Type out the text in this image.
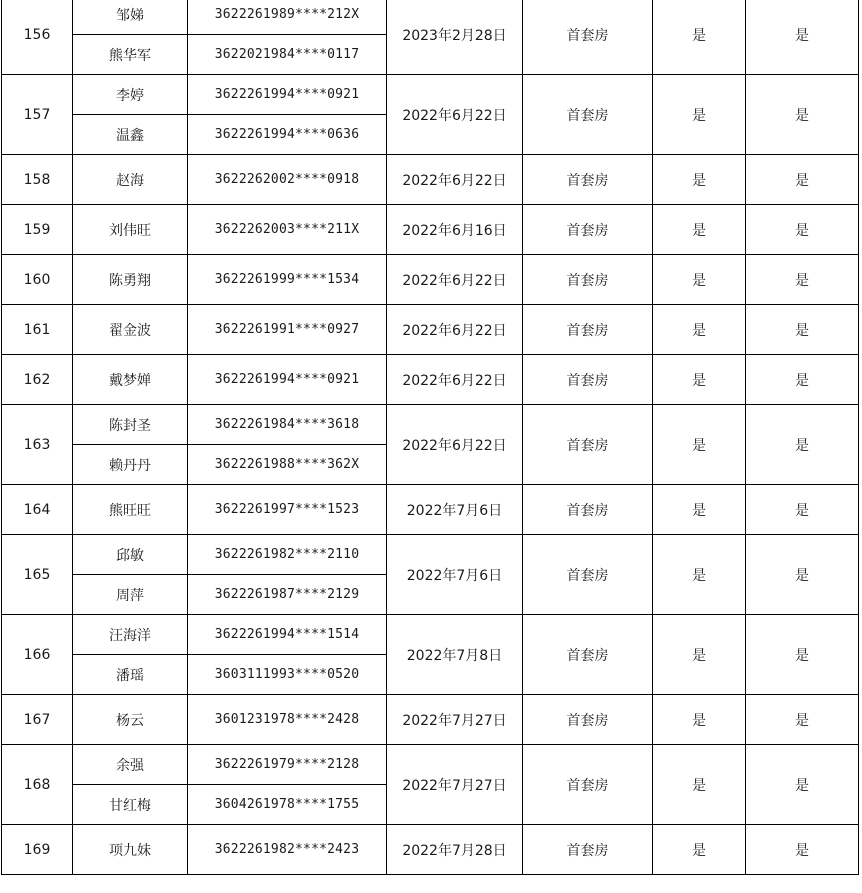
156	邹娣	3622261989****212X	2023年2月28日	首套房	是	是
	熊华军	3622021984****0117				
157	李婷	3622261994****0921	2022年6月22日	首套房	是	是
	温鑫	3622261994****0636				
158	赵海	3622262002****0918	2022年6月22日	首套房	是	是
159	刘伟旺	3622262003****211X	2022年6月16日	首套房	是	是
160	陈勇翔	3622261999****1534	2022年6月22日	首套房	是	是
161	翟金波	3622261991****0927	2022年6月22日	首套房	是	是
162	戴梦婵	3622261994****0921	2022年6月22日	首套房	是	是
163	陈封圣	3622261984****3618	2022年6月22日	首套房	是	是
	赖丹丹	3622261988****362X				
164	熊旺旺	3622261997****1523	2022年7月6日	首套房	是	是
165	邱敏	3622261982****2110	2022年7月6日	首套房	是	是
	周萍	3622261987****2129				
166	汪海洋	3622261994****1514	2022年7月8日	首套房	是	是
	潘瑶	3603111993****0520				
167	杨云	3601231978****2428	2022年7月27日	首套房	是	是
168	余强	3622261979****2128	2022年7月27日	首套房	是	是
	甘红梅	3604261978****1755				
169	项九妹	3622261982****2423	2022年7月28日	首套房	是	是
